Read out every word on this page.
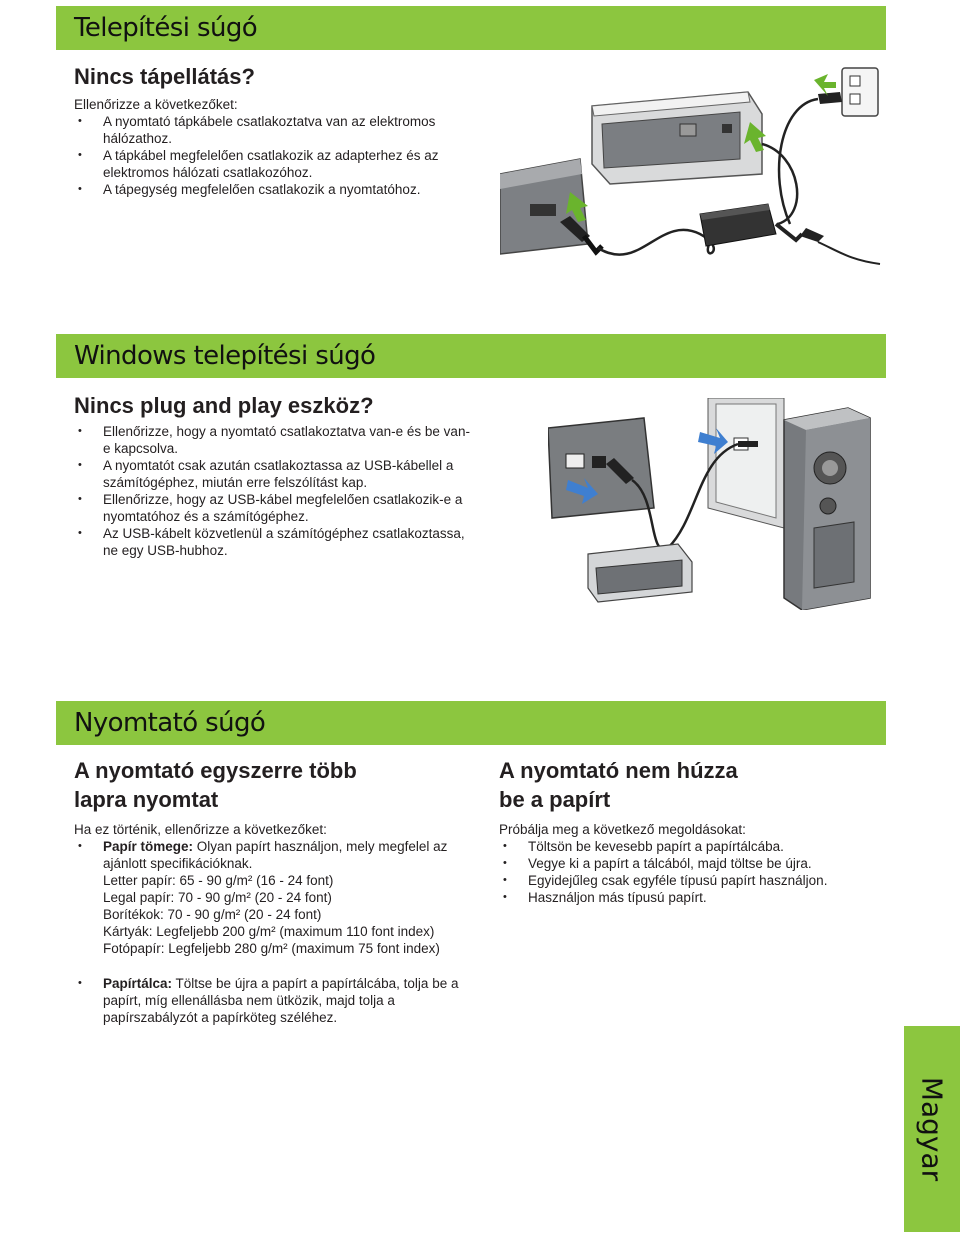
Telepítési súgó
Nincs tápellátás?

Ellenőrizze a következőket:

• A nyomtató tápkábele csatlakoztatva van az elektromos hálózathoz.
• A tápkábel megfelelően csatlakozik az adapterhez és az elektromos hálózati csatlakozóhoz.
• A tápegység megfelelően csatlakozik a nyomtatóhoz.
Windows telepítési súgó
Nincs plug and play eszköz?
• Ellenőrizze, hogy a nyomtató csatlakoztatva van-e és be van-e kapcsolva.
• A nyomtatót csak azután csatlakoztassa az USB-kábellel a számítógéphez, miután erre felszólítást kap.
• Ellenőrizze, hogy az USB-kábel megfelelően csatlakozik-e a nyomtatóhoz és a számítógéphez.
• Az USB-kábelt közvetlenül a számítógéphez csatlakoztassa, ne egy USB-hubhoz.
Nyomtató súgó
A nyomtató egyszerre több
lapra nyomtat

Ha ez történik, ellenőrizze a következőket:

• Papír tömege: Olyan papírt használjon, mely megfelel az ajánlott specifikációknak.
Letter papír: 65 - 90 g/m² (16 - 24 font)
Legal papír: 70 - 90 g/m² (20 - 24 font)
Borítékok: 70 - 90 g/m² (20 - 24 font)
Kártyák: Legfeljebb 200 g/m² (maximum 110 font index)
Fotópapír: Legfeljebb 280 g/m² (maximum 75 font index)
• Papírtálca: Töltse be újra a papírt a papírtálcába, tolja be a papírt, míg ellenállásba nem ütközik, majd tolja a papírszabályzót a papírköteg széléhez.
A nyomtató nem húzza
be a papírt

Próbálja meg a következő megoldásokat:

• Töltsön be kevesebb papírt a papírtálcába.
• Vegye ki a papírt a tálcából, majd töltse be újra.
• Egyidejűleg csak egyféle típusú papírt használjon.
• Használjon más típusú papírt.
Magyar
